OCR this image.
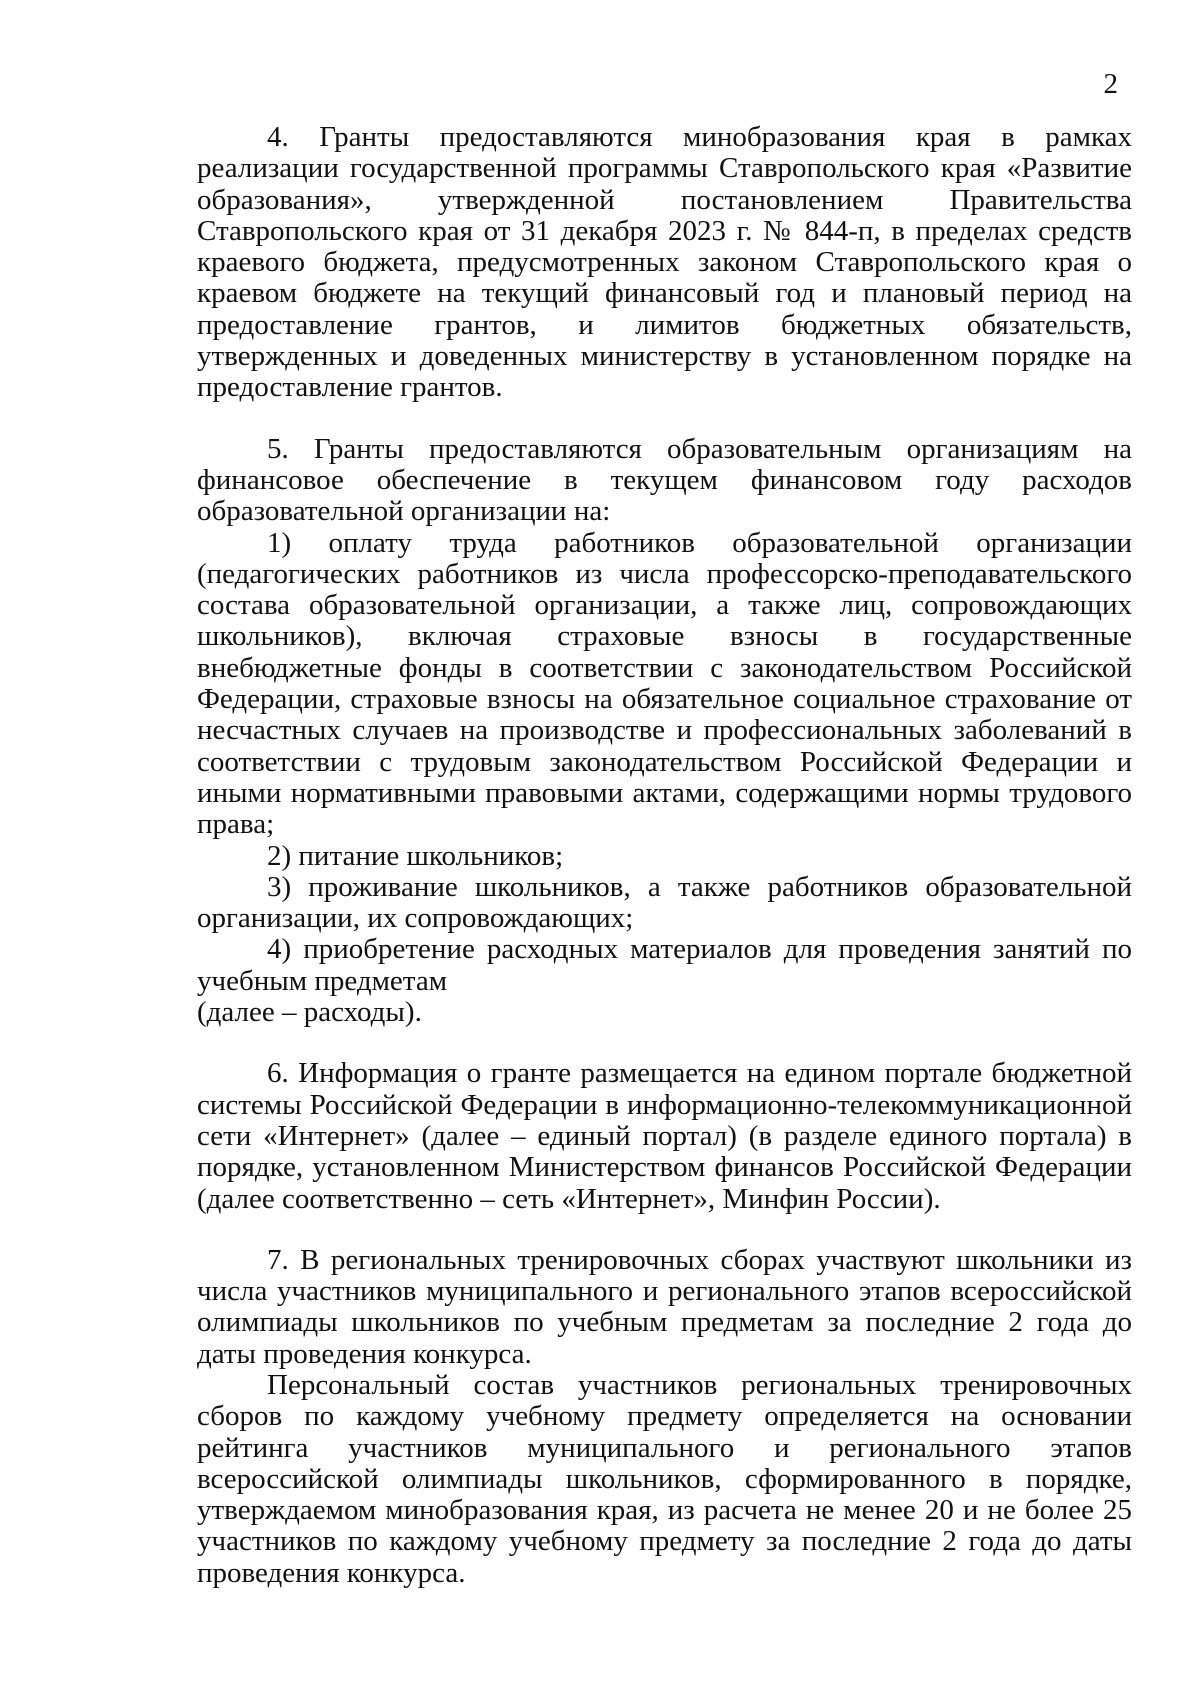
2

4. Гранты предоставляются минобразования края в рамках реализации государственной программы Ставропольского края «Развитие образования», утвержденной постановлением Правительства Ставропольского края от 31 декабря 2023 г. № 844-п, в пределах средств краевого бюджета, предусмотренных законом Ставропольского края о краевом бюджете на текущий финансовый год и плановый период на предоставление грантов, и лимитов бюджетных обязательств, утвержденных и доведенных министерству в установленном порядке на предоставление грантов.

5. Гранты предоставляются образовательным организациям на финансовое обеспечение в текущем финансовом году расходов образовательной организации на:

1) оплату труда работников образовательной организации (педагогических работников из числа профессорско-преподавательского состава образовательной организации, а также лиц, сопровождающих школьников), включая страховые взносы в государственные внебюджетные фонды в соответствии с законодательством Российской Федерации, страховые взносы на обязательное социальное страхование от несчастных случаев на производстве и профессиональных заболеваний в соответствии с трудовым законодательством Российской Федерации и иными нормативными правовыми актами, содержащими нормы трудового права;

2) питание школьников;

3) проживание школьников, а также работников образовательной организации, их сопровождающих;

4) приобретение расходных материалов для проведения занятий по учебным предметам

(далее – расходы).

6. Информация о гранте размещается на едином портале бюджетной системы Российской Федерации в информационно-телекоммуникационной сети «Интернет» (далее – единый портал) (в разделе единого портала) в порядке, установленном Министерством финансов Российской Федерации (далее соответственно – сеть «Интернет», Минфин России).

7. В региональных тренировочных сборах участвуют школьники из числа участников муниципального и регионального этапов всероссийской олимпиады школьников по учебным предметам за последние 2 года до даты проведения конкурса.

Персональный состав участников региональных тренировочных сборов по каждому учебному предмету определяется на основании рейтинга участников муниципального и регионального этапов всероссийской олимпиады школьников, сформированного в порядке, утверждаемом минобразования края, из расчета не менее 20 и не более 25 участников по каждому учебному предмету за последние 2 года до даты проведения конкурса.
